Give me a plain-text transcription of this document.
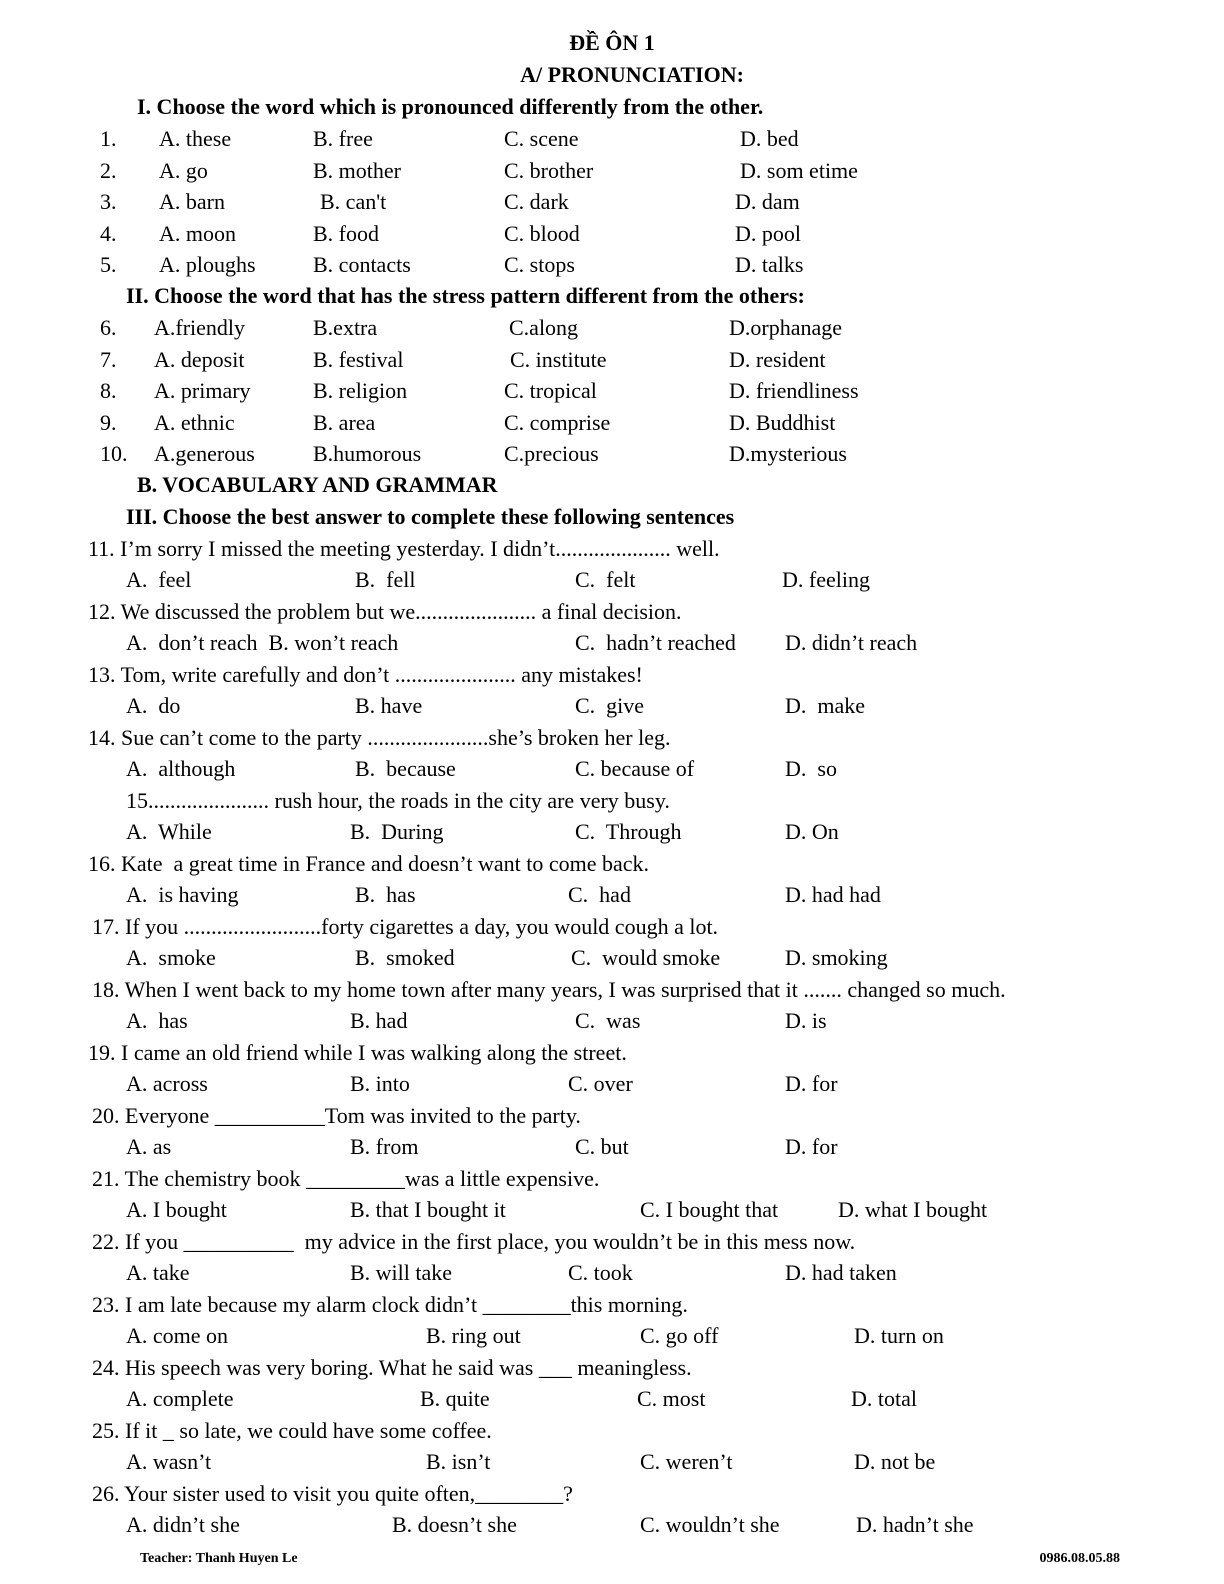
ĐỀ ÔN 1
A/ PRONUNCIATION:
I. Choose the word which is pronounced differently from the other.
1. A. these	B. free	C. scene	D. bed
2. A. go	B. mother	C. brother	D. som etime
3. A. barn	B. can't	C. dark	D. dam
4. A. moon	B. food	C. blood	D. pool
5. A. ploughs	B. contacts	C. stops	D. talks
II. Choose the word that has the stress pattern different from the others:
6. A.friendly	B.extra	C.along	D.orphanage
7. A. deposit	B. festival	C. institute	D. resident
8. A. primary	B. religion	C. tropical	D. friendliness
9. A. ethnic	B. area	C. comprise	D. Buddhist
10. A.generous	B.humorous	C.precious	D.mysterious
B. VOCABULARY AND GRAMMAR
III. Choose the best answer to complete these following sentences
11. I’m sorry I missed the meeting yesterday. I didn’t..................... well.
A.  feel	B.  fell	C.  felt	D. feeling
12. We discussed the problem but we...................... a final decision.
A.  don’t reach  B. won’t reach	C.  hadn’t reached D. didn’t reach
13. Tom, write carefully and don’t ...................... any mistakes!
A.  do	B. have	C.  give	D.  make
14. Sue can’t come to the party ......................she’s broken her leg.
A.  although	B.  because	C. because of	D.  so
15...................... rush hour, the roads in the city are very busy.
A.  While	B.  During	C.  Through	D. On
16. Kate  a great time in France and doesn’t want to come back.
A.  is having	B.  has	C.  had	D. had had
17. If you .........................forty cigarettes a day, you would cough a lot.
A.  smoke	B.  smoked	C.  would smoke	D. smoking
18. When I went back to my home town after many years, I was surprised that it ....... changed so much.
A.  has	B. had	C.  was	D. is
19. I came an old friend while I was walking along the street.
A. across	B. into	C. over	D. for
20. Everyone __________Tom was invited to the party.
A. as	B. from	C. but	D. for
21. The chemistry book _________was a little expensive.
A. I bought	B. that I bought it	C. I bought that	D. what I bought
22. If you __________  my advice in the first place, you wouldn’t be in this mess now.
A. take	B. will take	C. took	D. had taken
23. I am late because my alarm clock didn’t ________this morning.
A. come on	B. ring out	C. go off	D. turn on
24. His speech was very boring. What he said was ___ meaningless.
A. complete	B. quite	C. most	D. total
25. If it _ so late, we could have some coffee.
A. wasn’t	B. isn’t	C. weren’t	D. not be
26. Your sister used to visit you quite often,________?
A. didn’t she	B. doesn’t she	C. wouldn’t she	D. hadn’t she
Teacher: Thanh Huyen Le	0986.08.05.88
